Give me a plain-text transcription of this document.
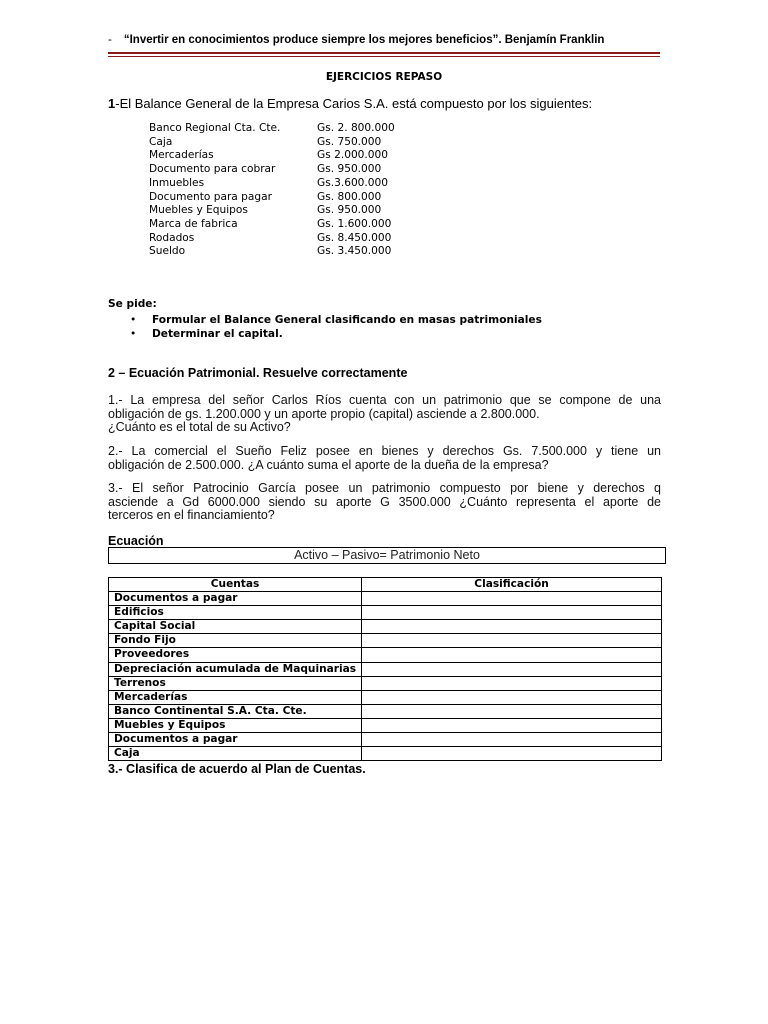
- “Invertir en conocimientos produce siempre los mejores beneficios”. Benjamín Franklin
EJERCICIOS REPASO
1-El Balance General de la Empresa Carios S.A. está compuesto por los siguientes:
Banco Regional Cta. Cte.	Gs. 2. 800.000
Caja	Gs. 750.000
Mercaderías	Gs 2.000.000
Documento para cobrar	Gs. 950.000
Inmuebles	Gs.3.600.000
Documento para pagar	Gs. 800.000
Muebles y Equipos	Gs. 950.000
Marca de fabrica	Gs. 1.600.000
Rodados	Gs. 8.450.000
Sueldo	Gs. 3.450.000
Se pide:
• Formular el Balance General clasificando en masas patrimoniales
• Determinar el capital.
2 – Ecuación Patrimonial. Resuelve correctamente
1.- La empresa del señor Carlos Ríos cuenta con un patrimonio que se compone de una
obligación de gs. 1.200.000 y un aporte propio (capital) asciende a 2.800.000.
¿Cuánto es el total de su Activo?
2.- La comercial el Sueño Feliz posee en bienes y derechos Gs. 7.500.000 y tiene un
obligación de 2.500.000. ¿A cuánto suma el aporte de la dueña de la empresa?
3.- El señor Patrocinio García posee un patrimonio compuesto por biene y derechos q
asciende a Gd 6000.000 siendo su aporte G 3500.000 ¿Cuánto representa el aporte de
terceros en el financiamiento?
Ecuación
Activo – Pasivo= Patrimonio Neto
Cuentas	Clasificación
Documentos a pagar	
Edificios	
Capital Social	
Fondo Fijo	
Proveedores	
Depreciación acumulada de Maquinarias	
Terrenos	
Mercaderías	
Banco Continental S.A. Cta. Cte.	
Muebles y Equipos	
Documentos a pagar	
Caja	
3.- Clasifica de acuerdo al Plan de Cuentas.
